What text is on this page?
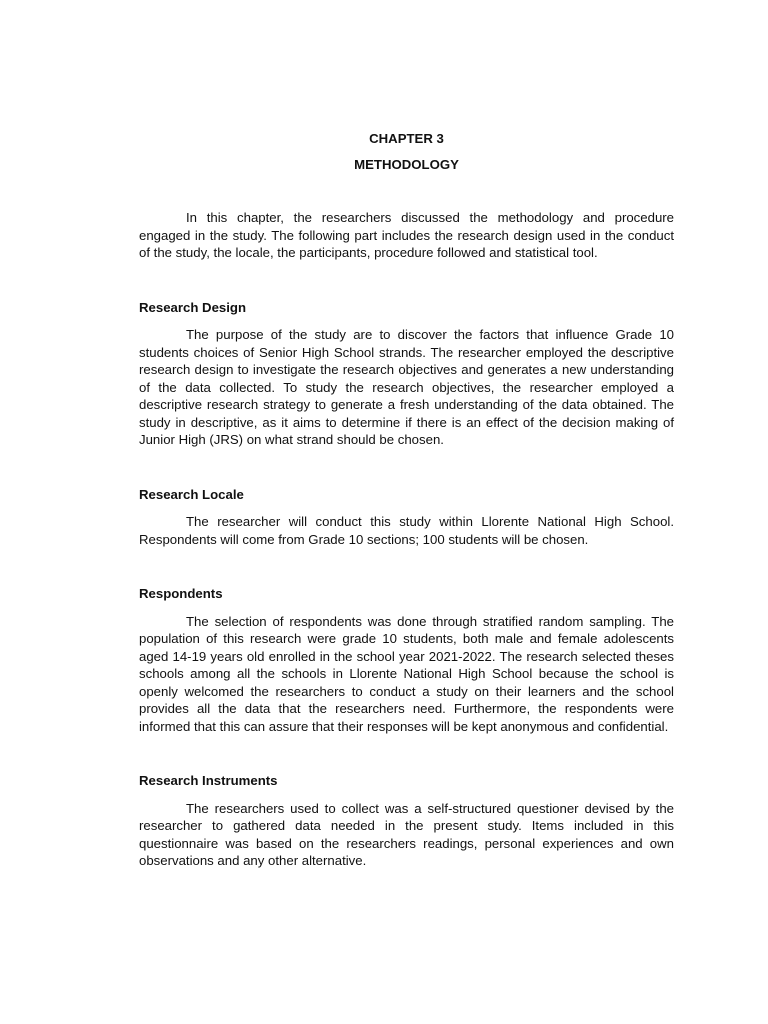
CHAPTER 3
METHODOLOGY

In this chapter, the researchers discussed the methodology and procedure engaged in the study. The following part includes the research design used in the conduct of the study, the locale, the participants, procedure followed and statistical tool.

Research Design

The purpose of the study are to discover the factors that influence Grade 10 students choices of Senior High School strands. The researcher employed the descriptive research design to investigate the research objectives and generates a new understanding of the data collected. To study the research objectives, the researcher employed a descriptive research strategy to generate a fresh understanding of the data obtained. The study in descriptive, as it aims to determine if there is an effect of the decision making of Junior High (JRS) on what strand should be chosen.

Research Locale

The researcher will conduct this study within Llorente National High School. Respondents will come from Grade 10 sections; 100 students will be chosen.

Respondents

The selection of respondents was done through stratified random sampling. The population of this research were grade 10 students, both male and female adolescents aged 14-19 years old enrolled in the school year 2021-2022. The research selected theses schools among all the schools in Llorente National High School because the school is openly welcomed the researchers to conduct a study on their learners and the school provides all the data that the researchers need. Furthermore, the respondents were informed that this can assure that their responses will be kept anonymous and confidential.

Research Instruments

The researchers used to collect was a self-structured questioner devised by the researcher to gathered data needed in the present study. Items included in this questionnaire was based on the researchers readings, personal experiences and own observations and any other alternative.
